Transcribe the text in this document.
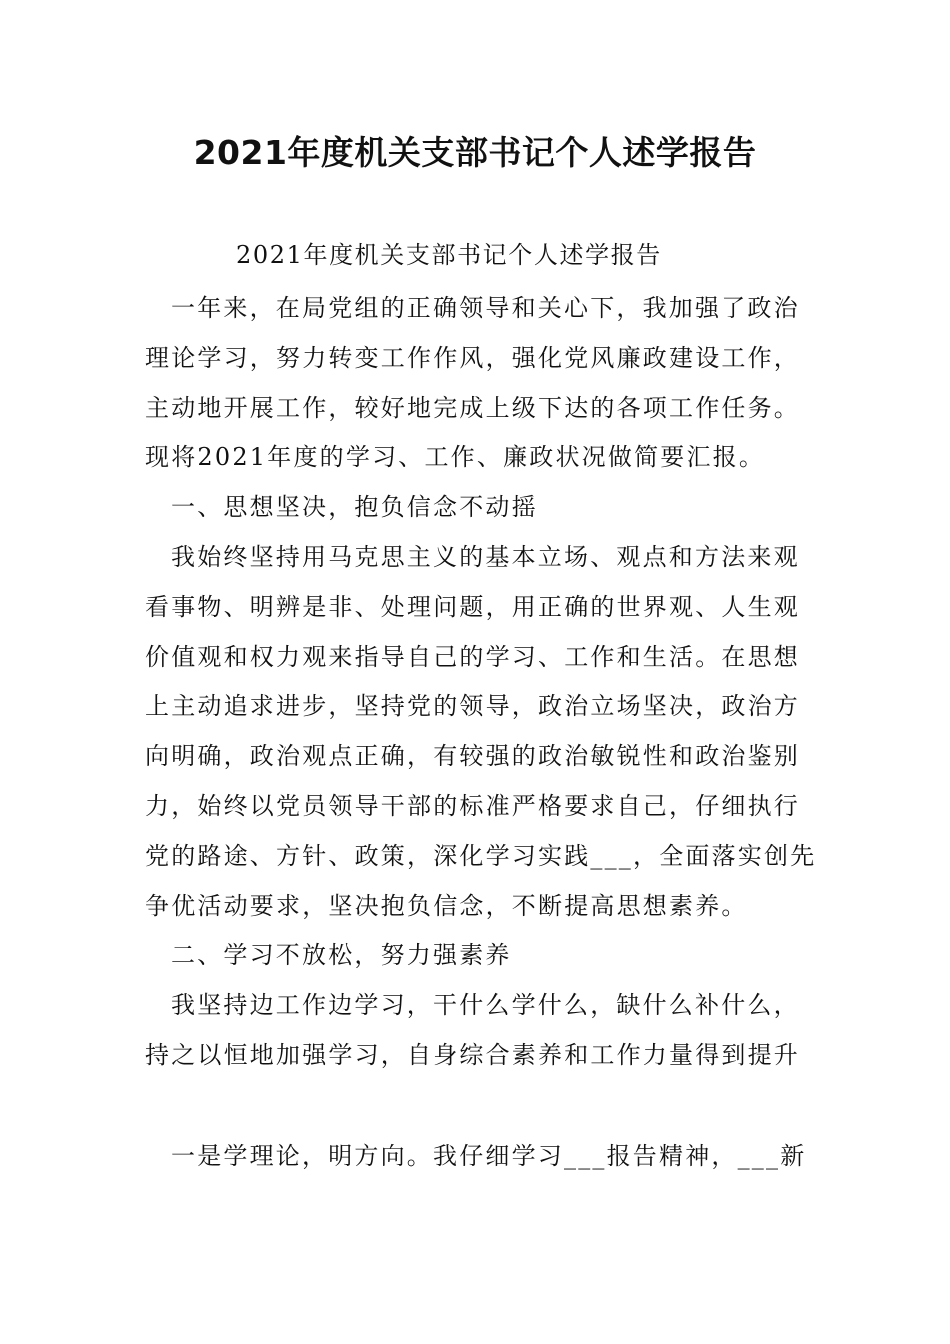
2021年度机关支部书记个人述学报告
2021年度机关支部书记个人述学报告
一年来，在局党组的正确领导和关心下，我加强了政治
理论学习，努力转变工作作风，强化党风廉政建设工作，
主动地开展工作，较好地完成上级下达的各项工作任务。
现将2021年度的学习、工作、廉政状况做简要汇报。
一、思想坚决，抱负信念不动摇
我始终坚持用马克思主义的基本立场、观点和方法来观
看事物、明辨是非、处理问题，用正确的世界观、人生观
价值观和权力观来指导自己的学习、工作和生活。在思想
上主动追求进步，坚持党的领导，政治立场坚决，政治方
向明确，政治观点正确，有较强的政治敏锐性和政治鉴别
力，始终以党员领导干部的标准严格要求自己，仔细执行
党的路途、方针、政策，深化学习实践___，全面落实创先
争优活动要求，坚决抱负信念，不断提高思想素养。
二、学习不放松，努力强素养
我坚持边工作边学习，干什么学什么，缺什么补什么，
持之以恒地加强学习，自身综合素养和工作力量得到提升
一是学理论，明方向。我仔细学习___报告精神，___新
